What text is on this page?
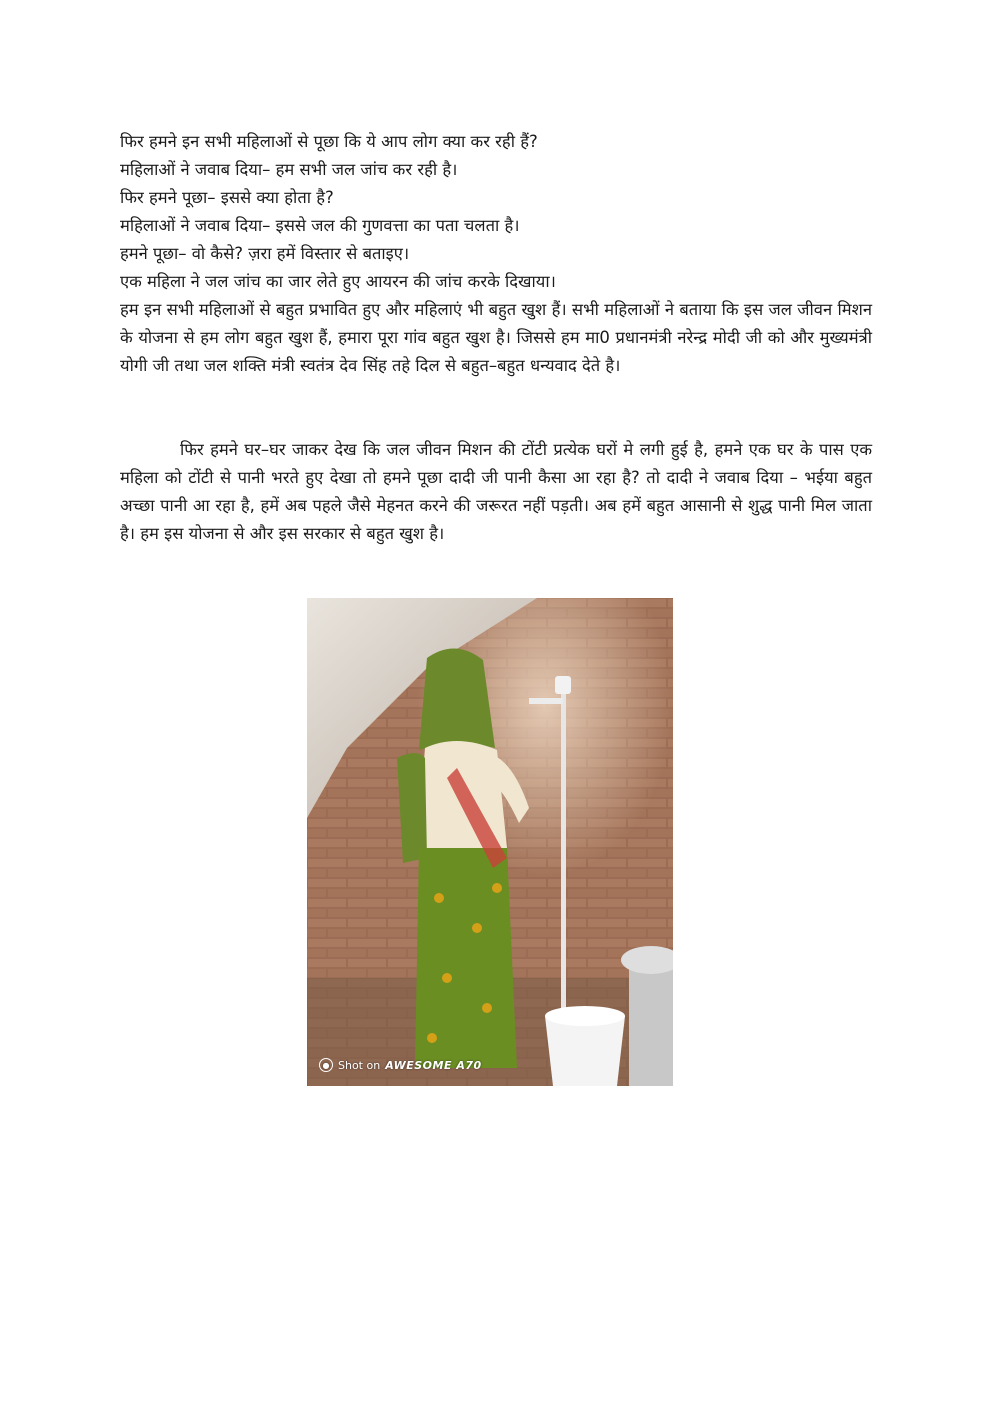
फिर हमने इन सभी महिलाओं से पूछा कि ये आप लोग क्या कर रही हैं?
महिलाओं ने जवाब दिया– हम सभी जल जांच कर रही है।
फिर हमने पूछा– इससे क्या होता है?
महिलाओं ने जवाब दिया– इससे जल की गुणवत्ता का पता चलता है।
हमने पूछा– वो कैसे? ज़रा हमें विस्तार से बताइए।
एक महिला ने जल जांच का जार लेते हुए आयरन की जांच करके दिखाया।

हम इन सभी महिलाओं से बहुत प्रभावित हुए और महिलाएं भी बहुत खुश हैं। सभी महिलाओं ने बताया कि इस जल जीवन मिशन के योजना से हम लोग बहुत खुश हैं, हमारा पूरा गांव बहुत खुश है। जिससे हम मा0 प्रधानमंत्री नरेन्द्र मोदी जी को और मुख्यमंत्री योगी जी तथा जल शक्ति मंत्री स्वतंत्र देव सिंह तहे दिल से बहुत–बहुत धन्यवाद देते है।

फिर हमने घर–घर जाकर देख कि जल जीवन मिशन की टोंटी प्रत्येक घरों मे लगी हुई है, हमने एक घर के पास एक महिला को टोंटी से पानी भरते हुए देखा तो हमने पूछा दादी जी पानी कैसा आ रहा है? तो दादी ने जवाब दिया – भईया बहुत अच्छा पानी आ रहा है, हमें अब पहले जैसे मेहनत करने की जरूरत नहीं पड़ती। अब हमें बहुत आसानी से शुद्ध पानी मिल जाता है। हम इस योजना से और इस सरकार से बहुत खुश है।

● Shot on AWESOME A70
